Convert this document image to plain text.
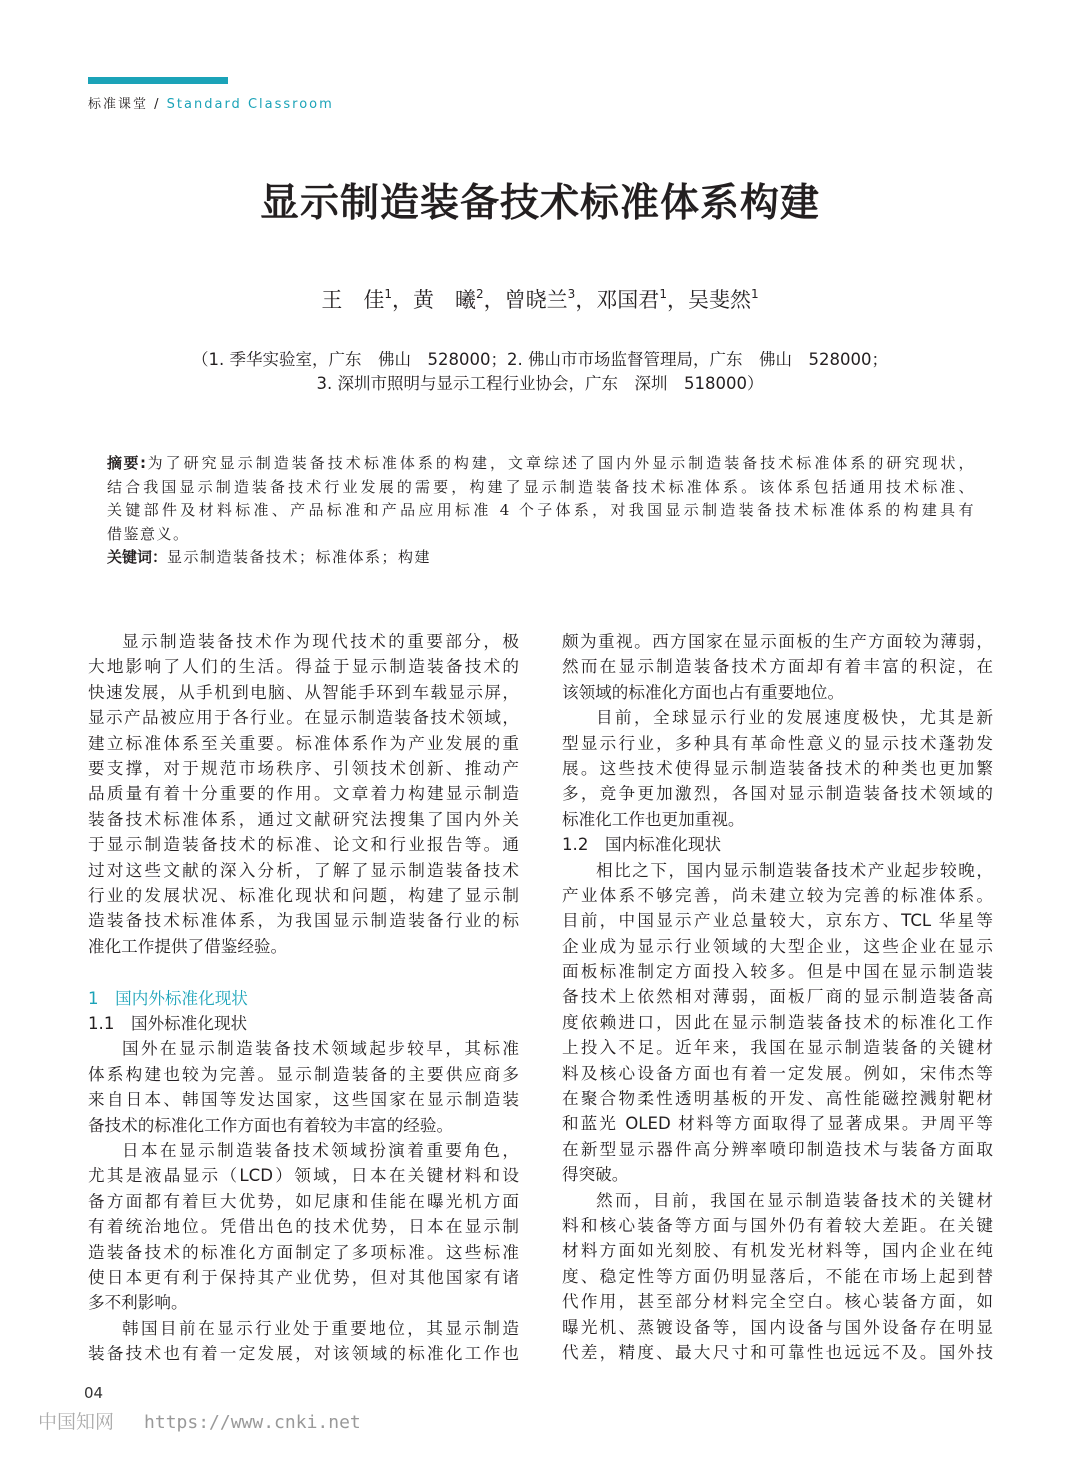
标准课堂 / Standard Classroom
显示制造装备技术标准体系构建
王　佳$^1$，黄　曦$^2$，曾晓兰$^3$，邓国君$^1$，吴斐然$^1$
（1. 季华实验室，广东　佛山　528000；2. 佛山市市场监督管理局，广东　佛山　528000；
3. 深圳市照明与显示工程行业协会，广东　深圳　518000）
摘要:为了研究显示制造装备技术标准体系的构建，文章综述了国内外显示制造装备技术标准体系的研究现状，
结合我国显示制造装备技术行业发展的需要，构建了显示制造装备技术标准体系。该体系包括通用技术标准、
关键部件及材料标准、产品标准和产品应用标准 4 个子体系，对我国显示制造装备技术标准体系的构建具有
借鉴意义。
关键词：显示制造装备技术；标准体系；构建
显示制造装备技术作为现代技术的重要部分，极
大地影响了人们的生活。得益于显示制造装备技术的
快速发展，从手机到电脑、从智能手环到车载显示屏，
显示产品被应用于各行业。在显示制造装备技术领域，
建立标准体系至关重要。标准体系作为产业发展的重
要支撑，对于规范市场秩序、引领技术创新、推动产
品质量有着十分重要的作用。文章着力构建显示制造
装备技术标准体系，通过文献研究法搜集了国内外关
于显示制造装备技术的标准、论文和行业报告等。通
过对这些文献的深入分析，了解了显示制造装备技术
行业的发展状况、标准化现状和问题，构建了显示制
造装备技术标准体系，为我国显示制造装备行业的标
准化工作提供了借鉴经验。
1　国内外标准化现状
1.1　国外标准化现状
国外在显示制造装备技术领域起步较早，其标准
体系构建也较为完善。显示制造装备的主要供应商多
来自日本、韩国等发达国家，这些国家在显示制造装
备技术的标准化工作方面也有着较为丰富的经验。
日本在显示制造装备技术领域扮演着重要角色，
尤其是液晶显示（LCD）领域，日本在关键材料和设
备方面都有着巨大优势，如尼康和佳能在曝光机方面
有着统治地位。凭借出色的技术优势，日本在显示制
造装备技术的标准化方面制定了多项标准。这些标准
使日本更有利于保持其产业优势，但对其他国家有诸
多不利影响。
韩国目前在显示行业处于重要地位，其显示制造
装备技术也有着一定发展，对该领域的标准化工作也
颇为重视。西方国家在显示面板的生产方面较为薄弱，
然而在显示制造装备技术方面却有着丰富的积淀，在
该领域的标准化方面也占有重要地位。
目前，全球显示行业的发展速度极快，尤其是新
型显示行业，多种具有革命性意义的显示技术蓬勃发
展。这些技术使得显示制造装备技术的种类也更加繁
多，竞争更加激烈，各国对显示制造装备技术领域的
标准化工作也更加重视。
1.2　国内标准化现状
相比之下，国内显示制造装备技术产业起步较晚，
产业体系不够完善，尚未建立较为完善的标准体系。
目前，中国显示产业总量较大，京东方、TCL 华星等
企业成为显示行业领域的大型企业，这些企业在显示
面板标准制定方面投入较多。但是中国在显示制造装
备技术上依然相对薄弱，面板厂商的显示制造装备高
度依赖进口，因此在显示制造装备技术的标准化工作
上投入不足。近年来，我国在显示制造装备的关键材
料及核心设备方面也有着一定发展。例如，宋伟杰等
在聚合物柔性透明基板的开发、高性能磁控溅射靶材
和蓝光 OLED 材料等方面取得了显著成果。尹周平等
在新型显示器件高分辨率喷印制造技术与装备方面取
得突破。
然而，目前，我国在显示制造装备技术的关键材
料和核心装备等方面与国外仍有着较大差距。在关键
材料方面如光刻胶、有机发光材料等，国内企业在纯
度、稳定性等方面仍明显落后，不能在市场上起到替
代作用，甚至部分材料完全空白。核心装备方面，如
曝光机、蒸镀设备等，国内设备与国外设备存在明显
代差，精度、最大尺寸和可靠性也远远不及。国外技
04
中国知网 https://www.cnki.net
